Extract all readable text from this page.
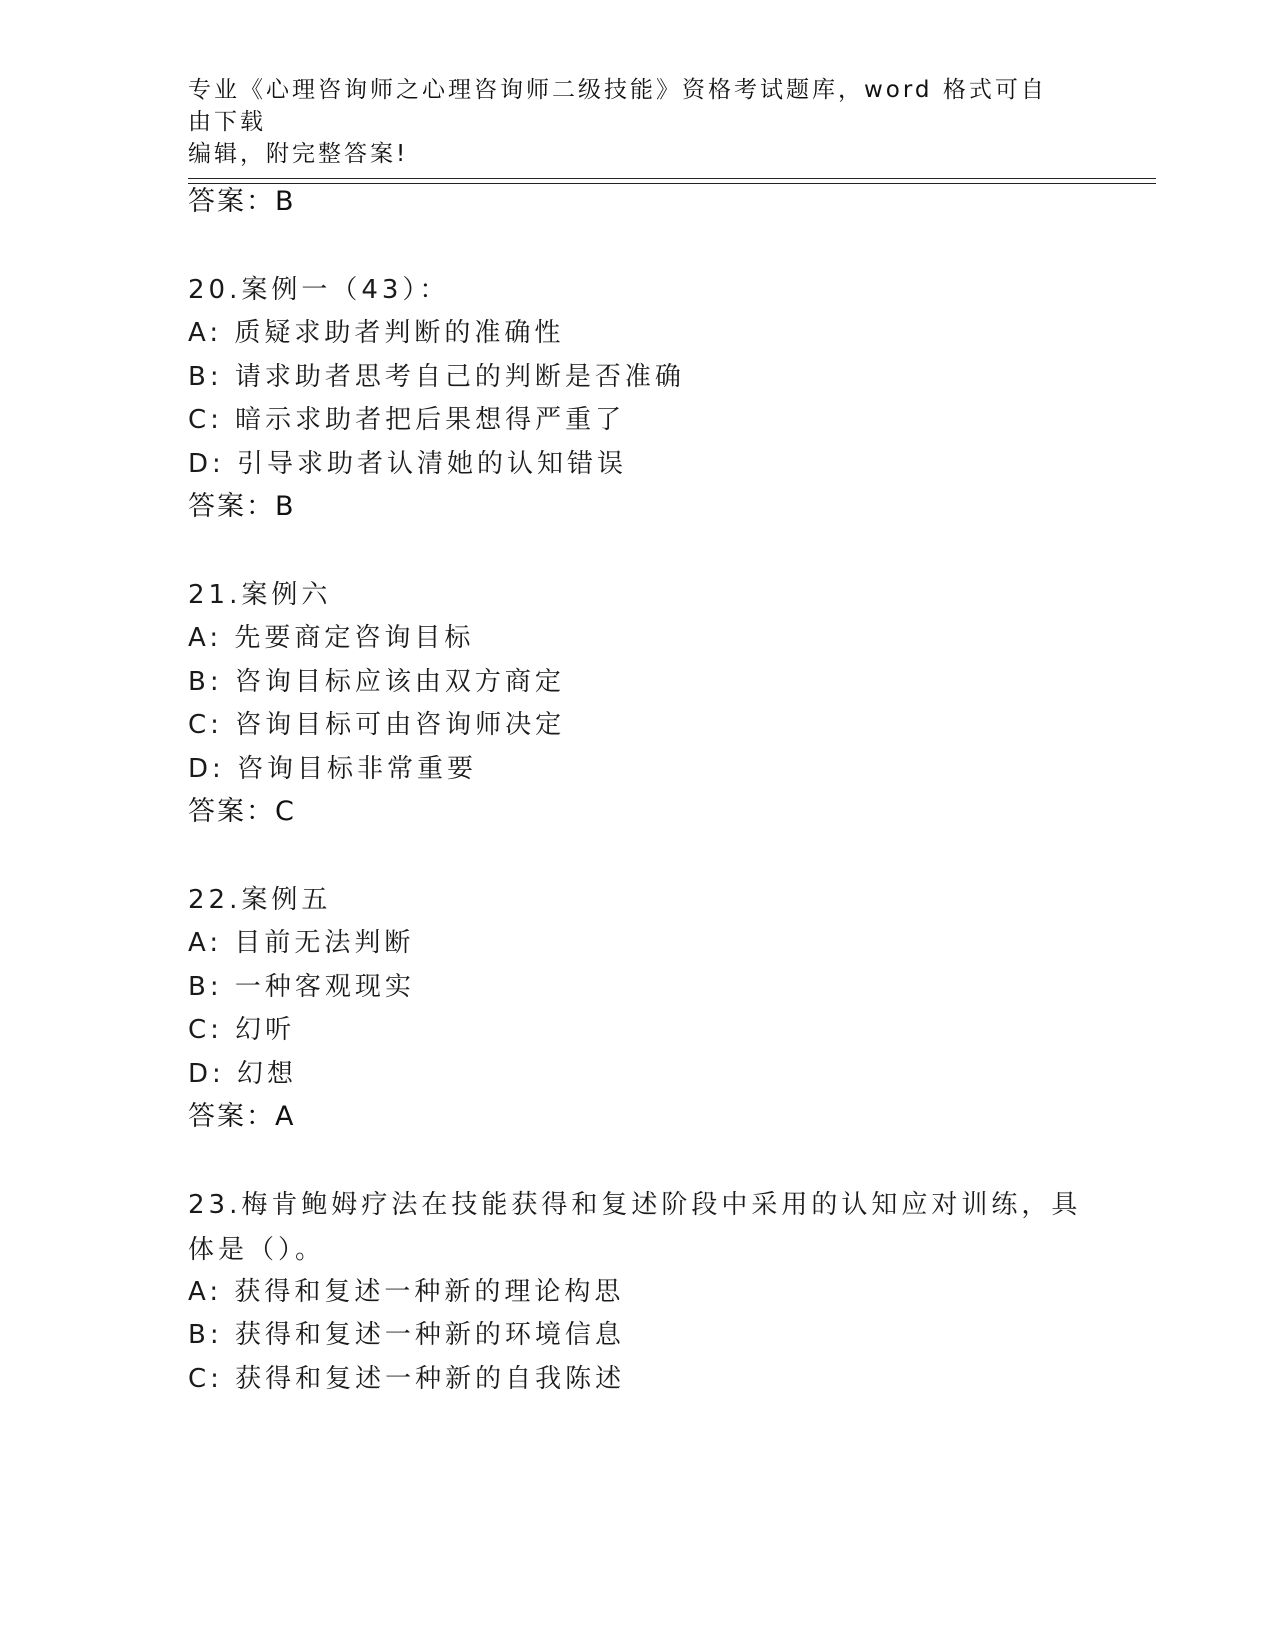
专业《心理咨询师之心理咨询师二级技能》资格考试题库，word 格式可自由下载
编辑，附完整答案!
答案：B
20.案例一（43）：
A: 质疑求助者判断的准确性
B: 请求助者思考自己的判断是否准确
C: 暗示求助者把后果想得严重了
D: 引导求助者认清她的认知错误
答案：B
21.案例六
A: 先要商定咨询目标
B: 咨询目标应该由双方商定
C: 咨询目标可由咨询师决定
D: 咨询目标非常重要
答案：C
22.案例五
A: 目前无法判断
B: 一种客观现实
C: 幻听
D: 幻想
答案：A
23.梅肯鲍姆疗法在技能获得和复述阶段中采用的认知应对训练，具体是（）。
A: 获得和复述一种新的理论构思
B: 获得和复述一种新的环境信息
C: 获得和复述一种新的自我陈述
